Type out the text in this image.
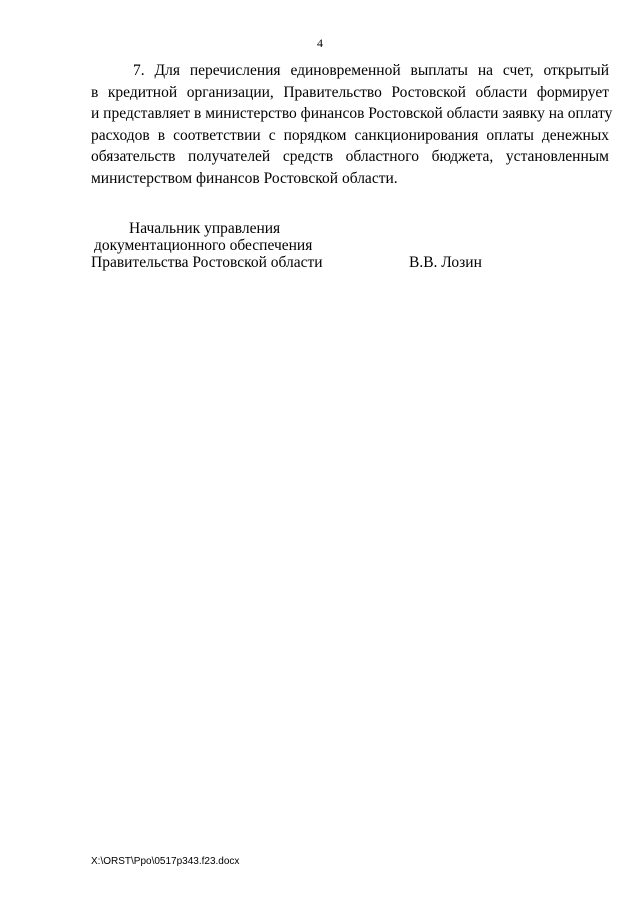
4
7. Для перечисления единовременной выплаты на счет, открытый
в кредитной организации, Правительство Ростовской области формирует
и представляет в министерство финансов Ростовской области заявку на оплату
расходов в соответствии с порядком санкционирования оплаты денежных
обязательств получателей средств областного бюджета, установленным
министерством финансов Ростовской области.
Начальник управления
документационного обеспечения
Правительства Ростовской области	В.В. Лозин
X:\ORST\Ppo\0517p343.f23.docx
